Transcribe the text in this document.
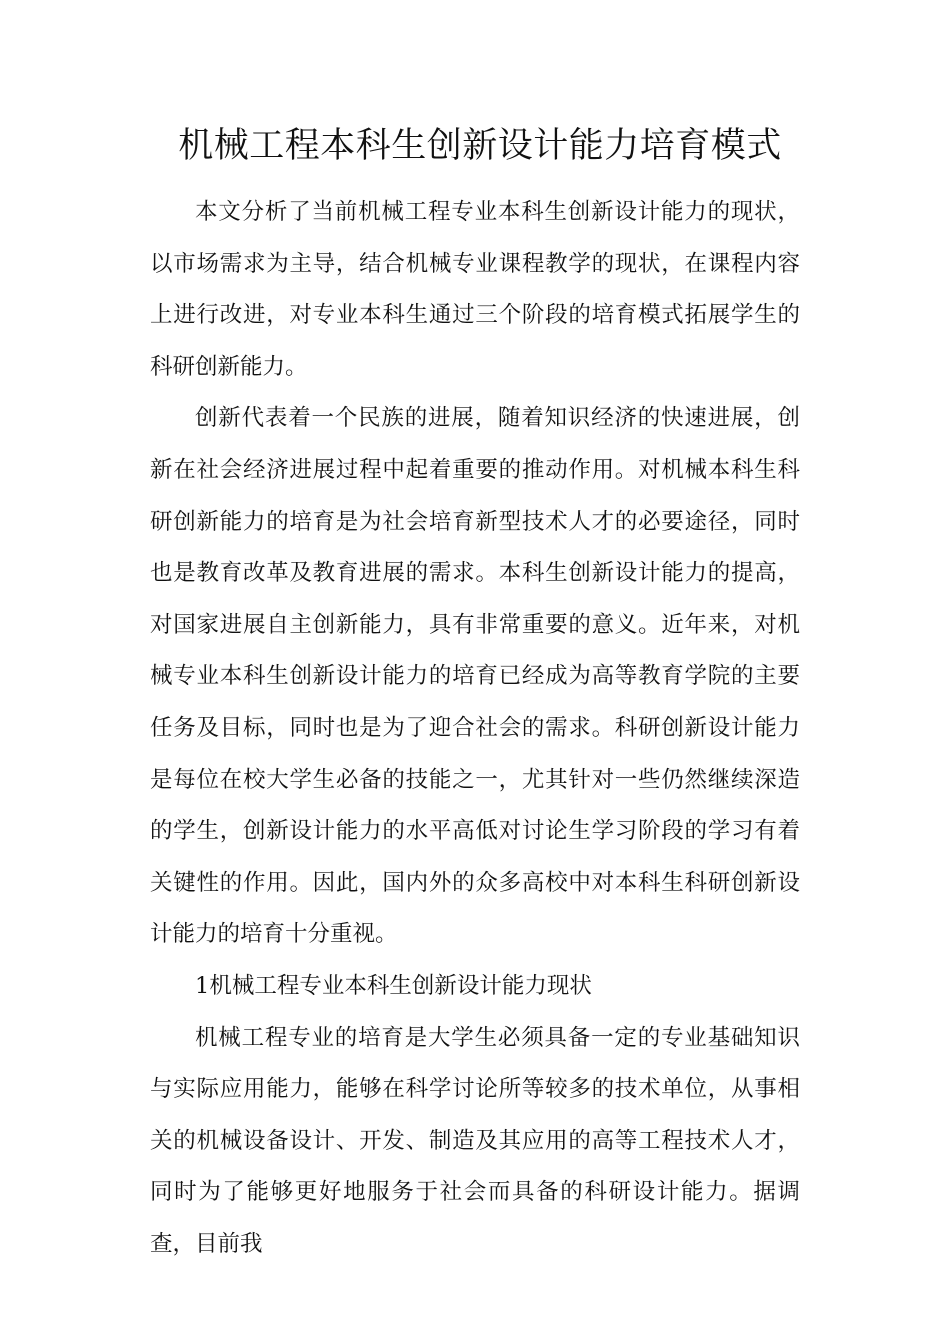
机械工程本科生创新设计能力培育模式

本文分析了当前机械工程专业本科生创新设计能力的现状，以市场需求为主导，结合机械专业课程教学的现状，在课程内容上进行改进，对专业本科生通过三个阶段的培育模式拓展学生的科研创新能力。

创新代表着一个民族的进展，随着知识经济的快速进展，创新在社会经济进展过程中起着重要的推动作用。对机械本科生科研创新能力的培育是为社会培育新型技术人才的必要途径，同时也是教育改革及教育进展的需求。本科生创新设计能力的提高，对国家进展自主创新能力，具有非常重要的意义。近年来，对机械专业本科生创新设计能力的培育已经成为高等教育学院的主要任务及目标，同时也是为了迎合社会的需求。科研创新设计能力是每位在校大学生必备的技能之一，尤其针对一些仍然继续深造的学生，创新设计能力的水平高低对讨论生学习阶段的学习有着关键性的作用。因此，国内外的众多高校中对本科生科研创新设计能力的培育十分重视。

1机械工程专业本科生创新设计能力现状

机械工程专业的培育是大学生必须具备一定的专业基础知识与实际应用能力，能够在科学讨论所等较多的技术单位，从事相关的机械设备设计、开发、制造及其应用的高等工程技术人才，同时为了能够更好地服务于社会而具备的科研设计能力。据调查，目前我
